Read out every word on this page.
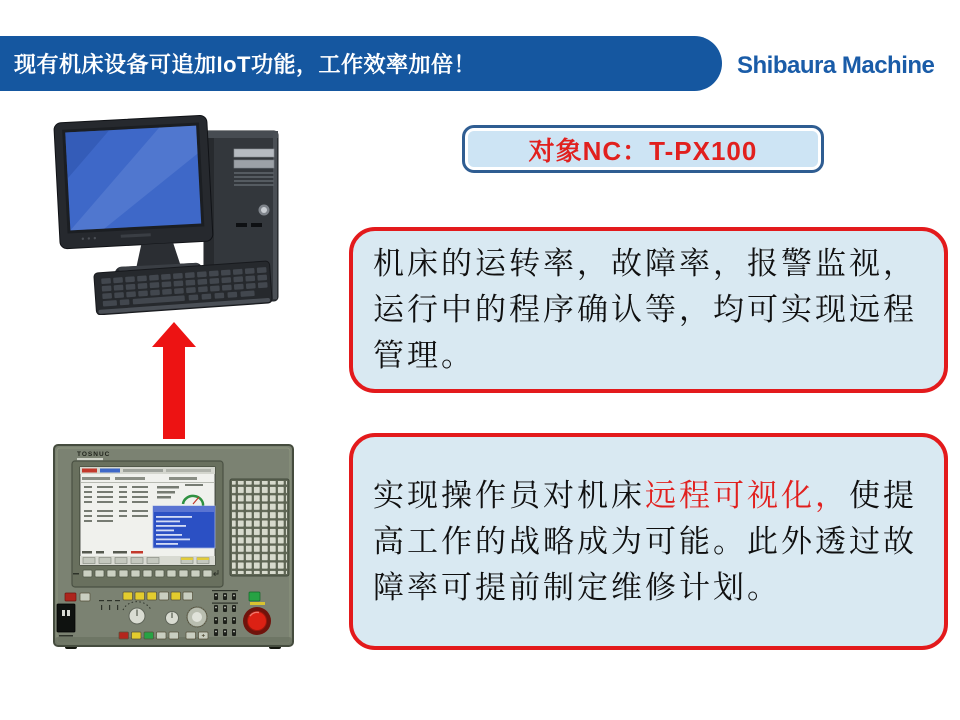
现有机床设备可追加IoT功能，工作效率加倍！	Shibaura Machine
对象NC：T-PX100
TOSNUC
机床的运转率，故障率，报警监视，
运行中的程序确认等，均可实现远程
管理。
实现操作员对机床远程可视化，使提
高工作的战略成为可能。此外透过故
障率可提前制定维修计划。
